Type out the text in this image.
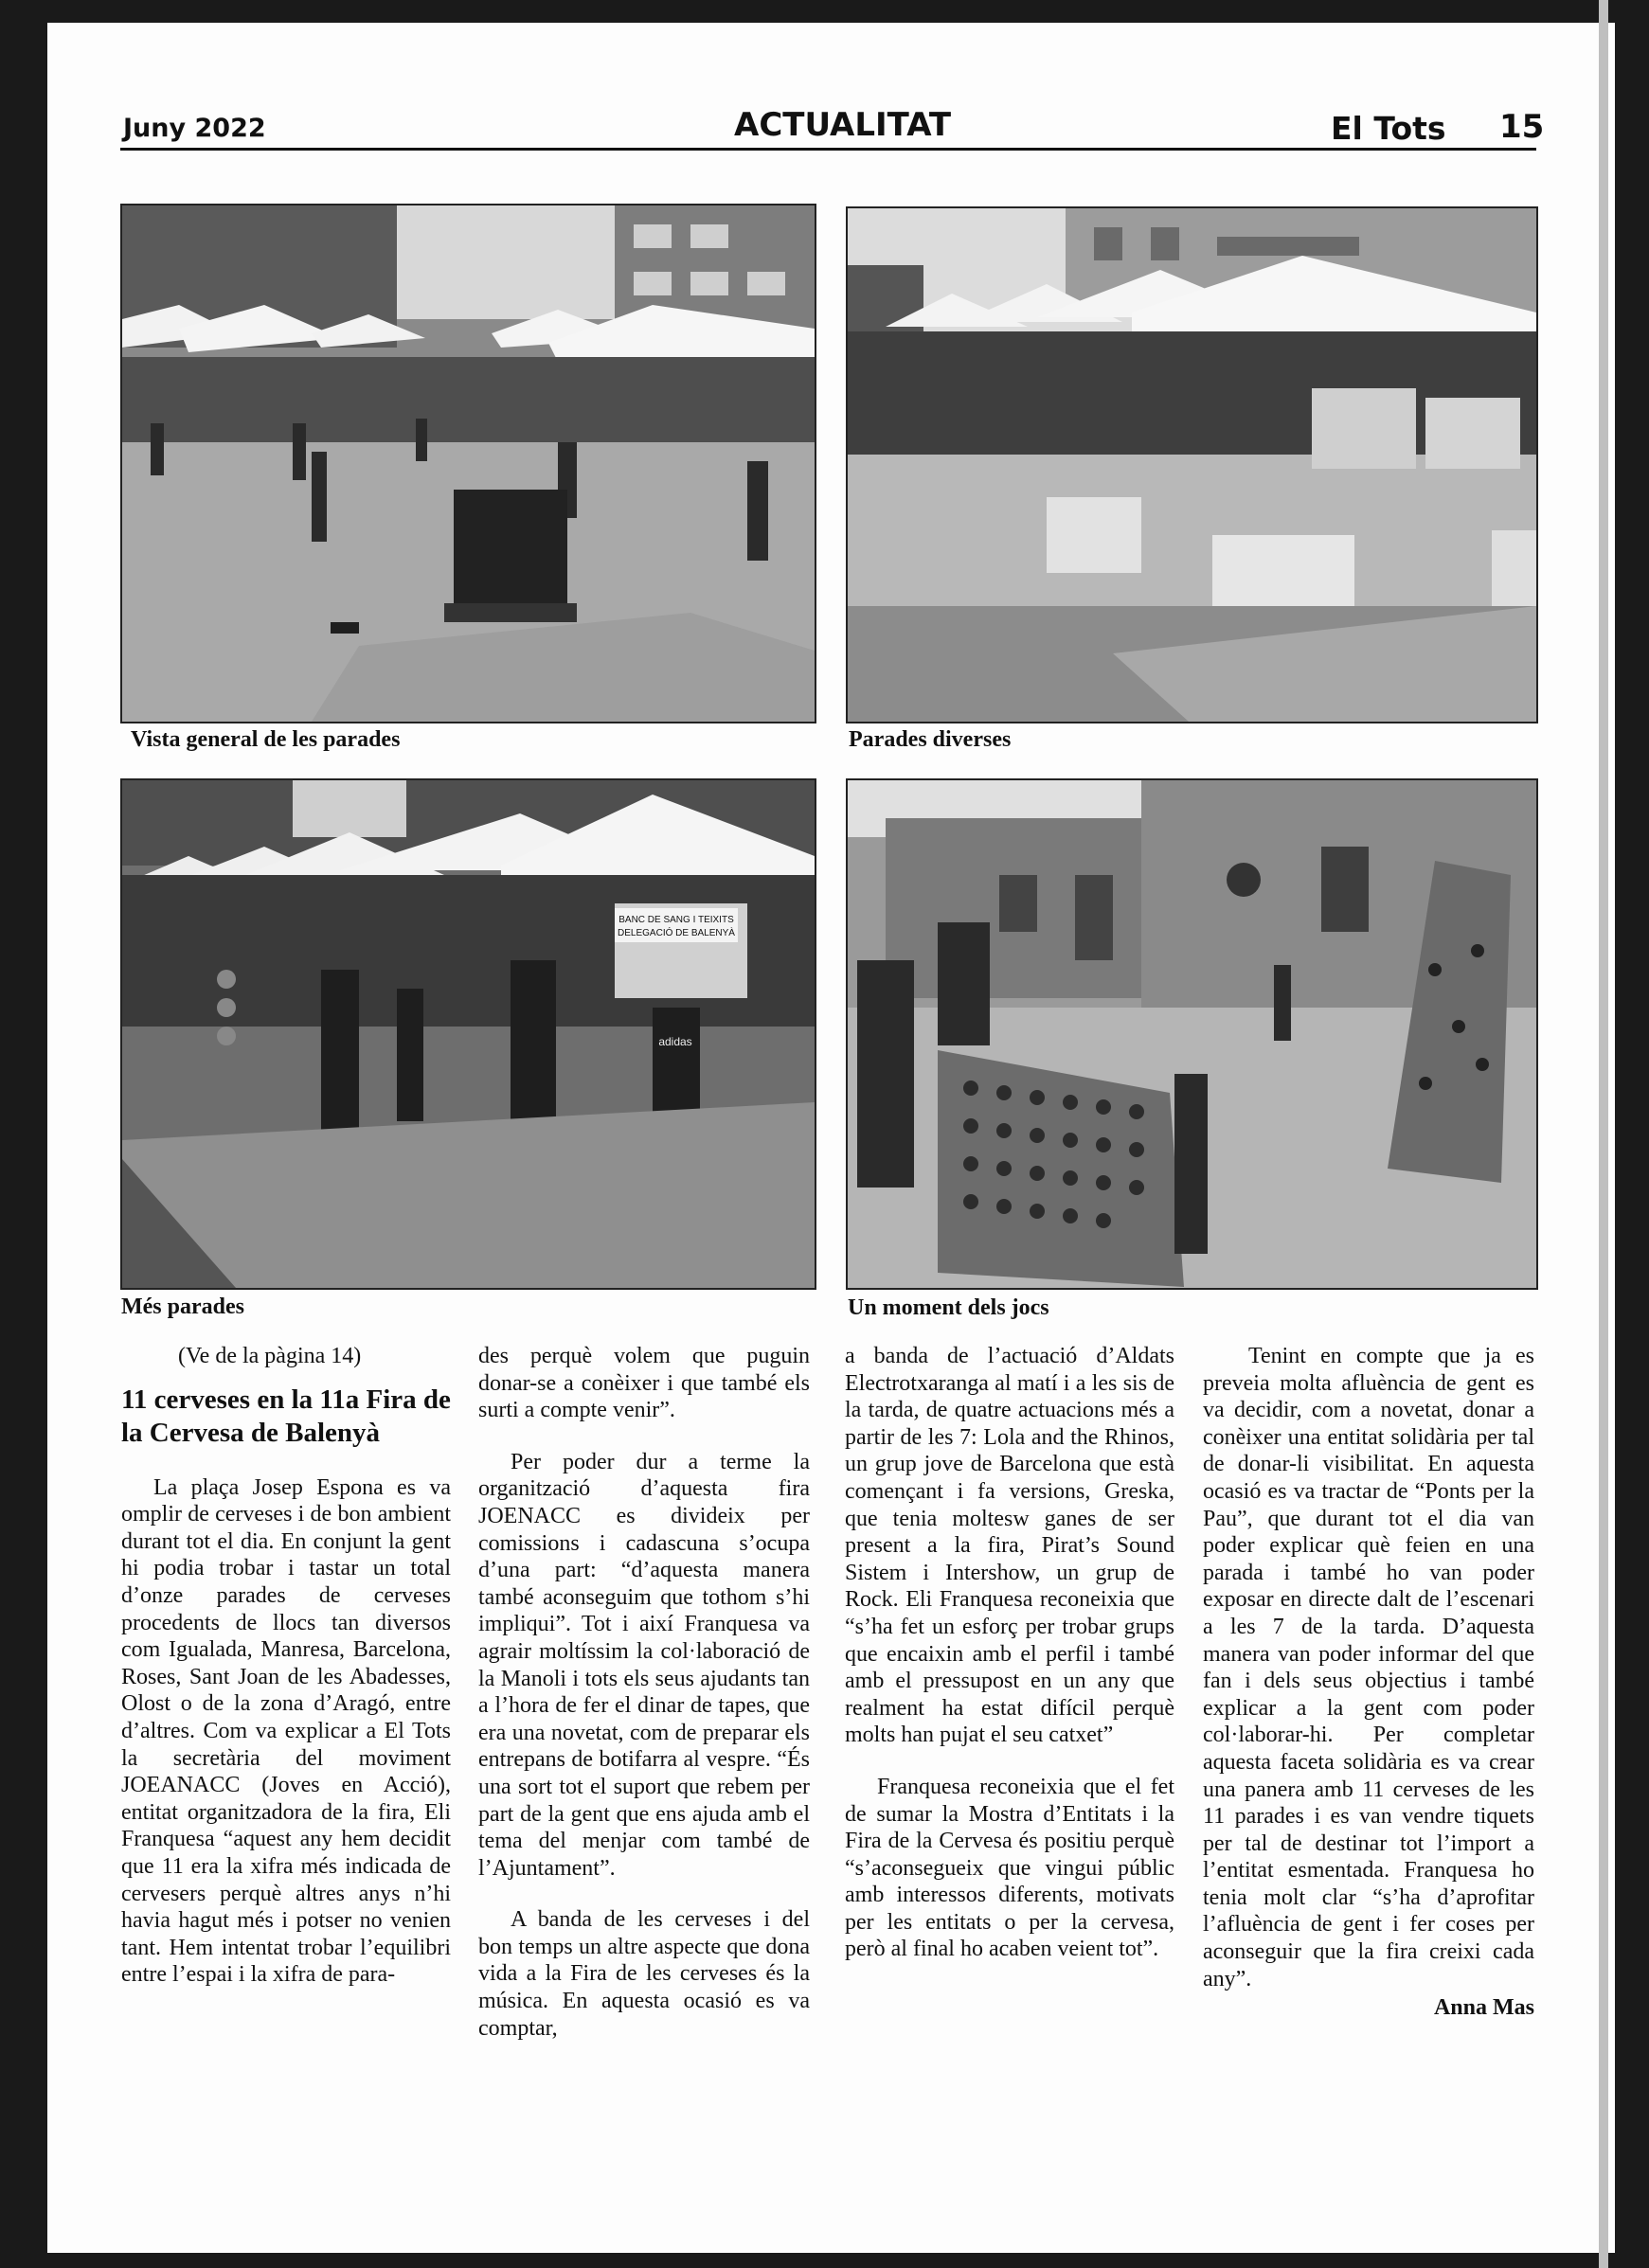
Juny 2022	ACTUALITAT	El Tots 15
Vista general de les parades	Parades diverses
BANC DE SANG I TEIXITS
DELEGACIÓ DE BALENYÀ
adidas
Més parades	Un moment dels jocs

(Ve de la pàgina 14)

11 cerveses en la 11a Fira de la Cervesa de Balenyà

La plaça Josep Espona es va omplir de cerveses i de bon ambient durant tot el dia. En conjunt la gent hi podia trobar i tastar un total d’onze parades de cerveses procedents de llocs tan diversos com Igualada, Manresa, Barcelona, Roses, Sant Joan de les Abadesses, Olost o de la zona d’Aragó, entre d’altres. Com va explicar a El Tots la secretària del moviment JOEANACC (Joves en Acció), entitat organitzadora de la fira, Eli Franquesa “aquest any hem decidit que 11 era la xifra més indicada de cervesers perquè altres anys n’hi havia hagut més i potser no venien tant. Hem intentat trobar l’equilibri entre l’espai i la xifra de para-

des perquè volem que puguin donar-se a conèixer i que també els surti a compte venir”.

Per poder dur a terme la organització d’aquesta fira JOENACC es divideix per comissions i cadascuna s’ocupa d’una part: “d’aquesta manera també aconseguim que tothom s’hi impliqui”. Tot i així Franquesa va agrair moltíssim la col·laboració de la Manoli i tots els seus ajudants tan a l’hora de fer el dinar de tapes, que era una novetat, com de preparar els entrepans de botifarra al vespre. “És una sort tot el suport que rebem per part de la gent que ens ajuda amb el tema del menjar com també de l’Ajuntament”.

A banda de les cerveses i del bon temps un altre aspecte que dona vida a la Fira de les cerveses és la música. En aquesta ocasió es va comptar,

a banda de l’actuació d’Aldats Electrotxaranga al matí i a les sis de la tarda, de quatre actuacions més a partir de les 7: Lola and the Rhinos, un grup jove de Barcelona que està començant i fa versions, Greska, que tenia moltesw ganes de ser present a la fira, Pirat’s Sound Sistem i Intershow, un grup de Rock. Eli Franquesa reconeixia que “s’ha fet un esforç per trobar grups que encaixin amb el perfil i també amb el pressupost en un any que realment ha estat difícil perquè molts han pujat el seu catxet”

Franquesa reconeixia que el fet de sumar la Mostra d’Entitats i la Fira de la Cervesa és positiu perquè “s’aconsegueix que vingui públic amb interessos diferents, motivats per les entitats o per la cervesa, però al final ho acaben veient tot”.

Tenint en compte que ja es preveia molta afluència de gent es va decidir, com a novetat, donar a conèixer una entitat solidària per tal de donar-li visibilitat. En aquesta ocasió es va tractar de “Ponts per la Pau”, que durant tot el dia van poder explicar què feien en una parada i també ho van poder exposar en directe dalt de l’escenari a les 7 de la tarda. D’aquesta manera van poder informar del que fan i dels seus objectius i també explicar a la gent com poder col·laborar-hi. Per completar aquesta faceta solidària es va crear una panera amb 11 cerveses de les 11 parades i es van vendre tiquets per tal de destinar tot l’import a l’entitat esmentada. Franquesa ho tenia molt clar “s’ha d’aprofitar l’afluència de gent i fer coses per aconseguir que la fira creixi cada any”.

Anna Mas
